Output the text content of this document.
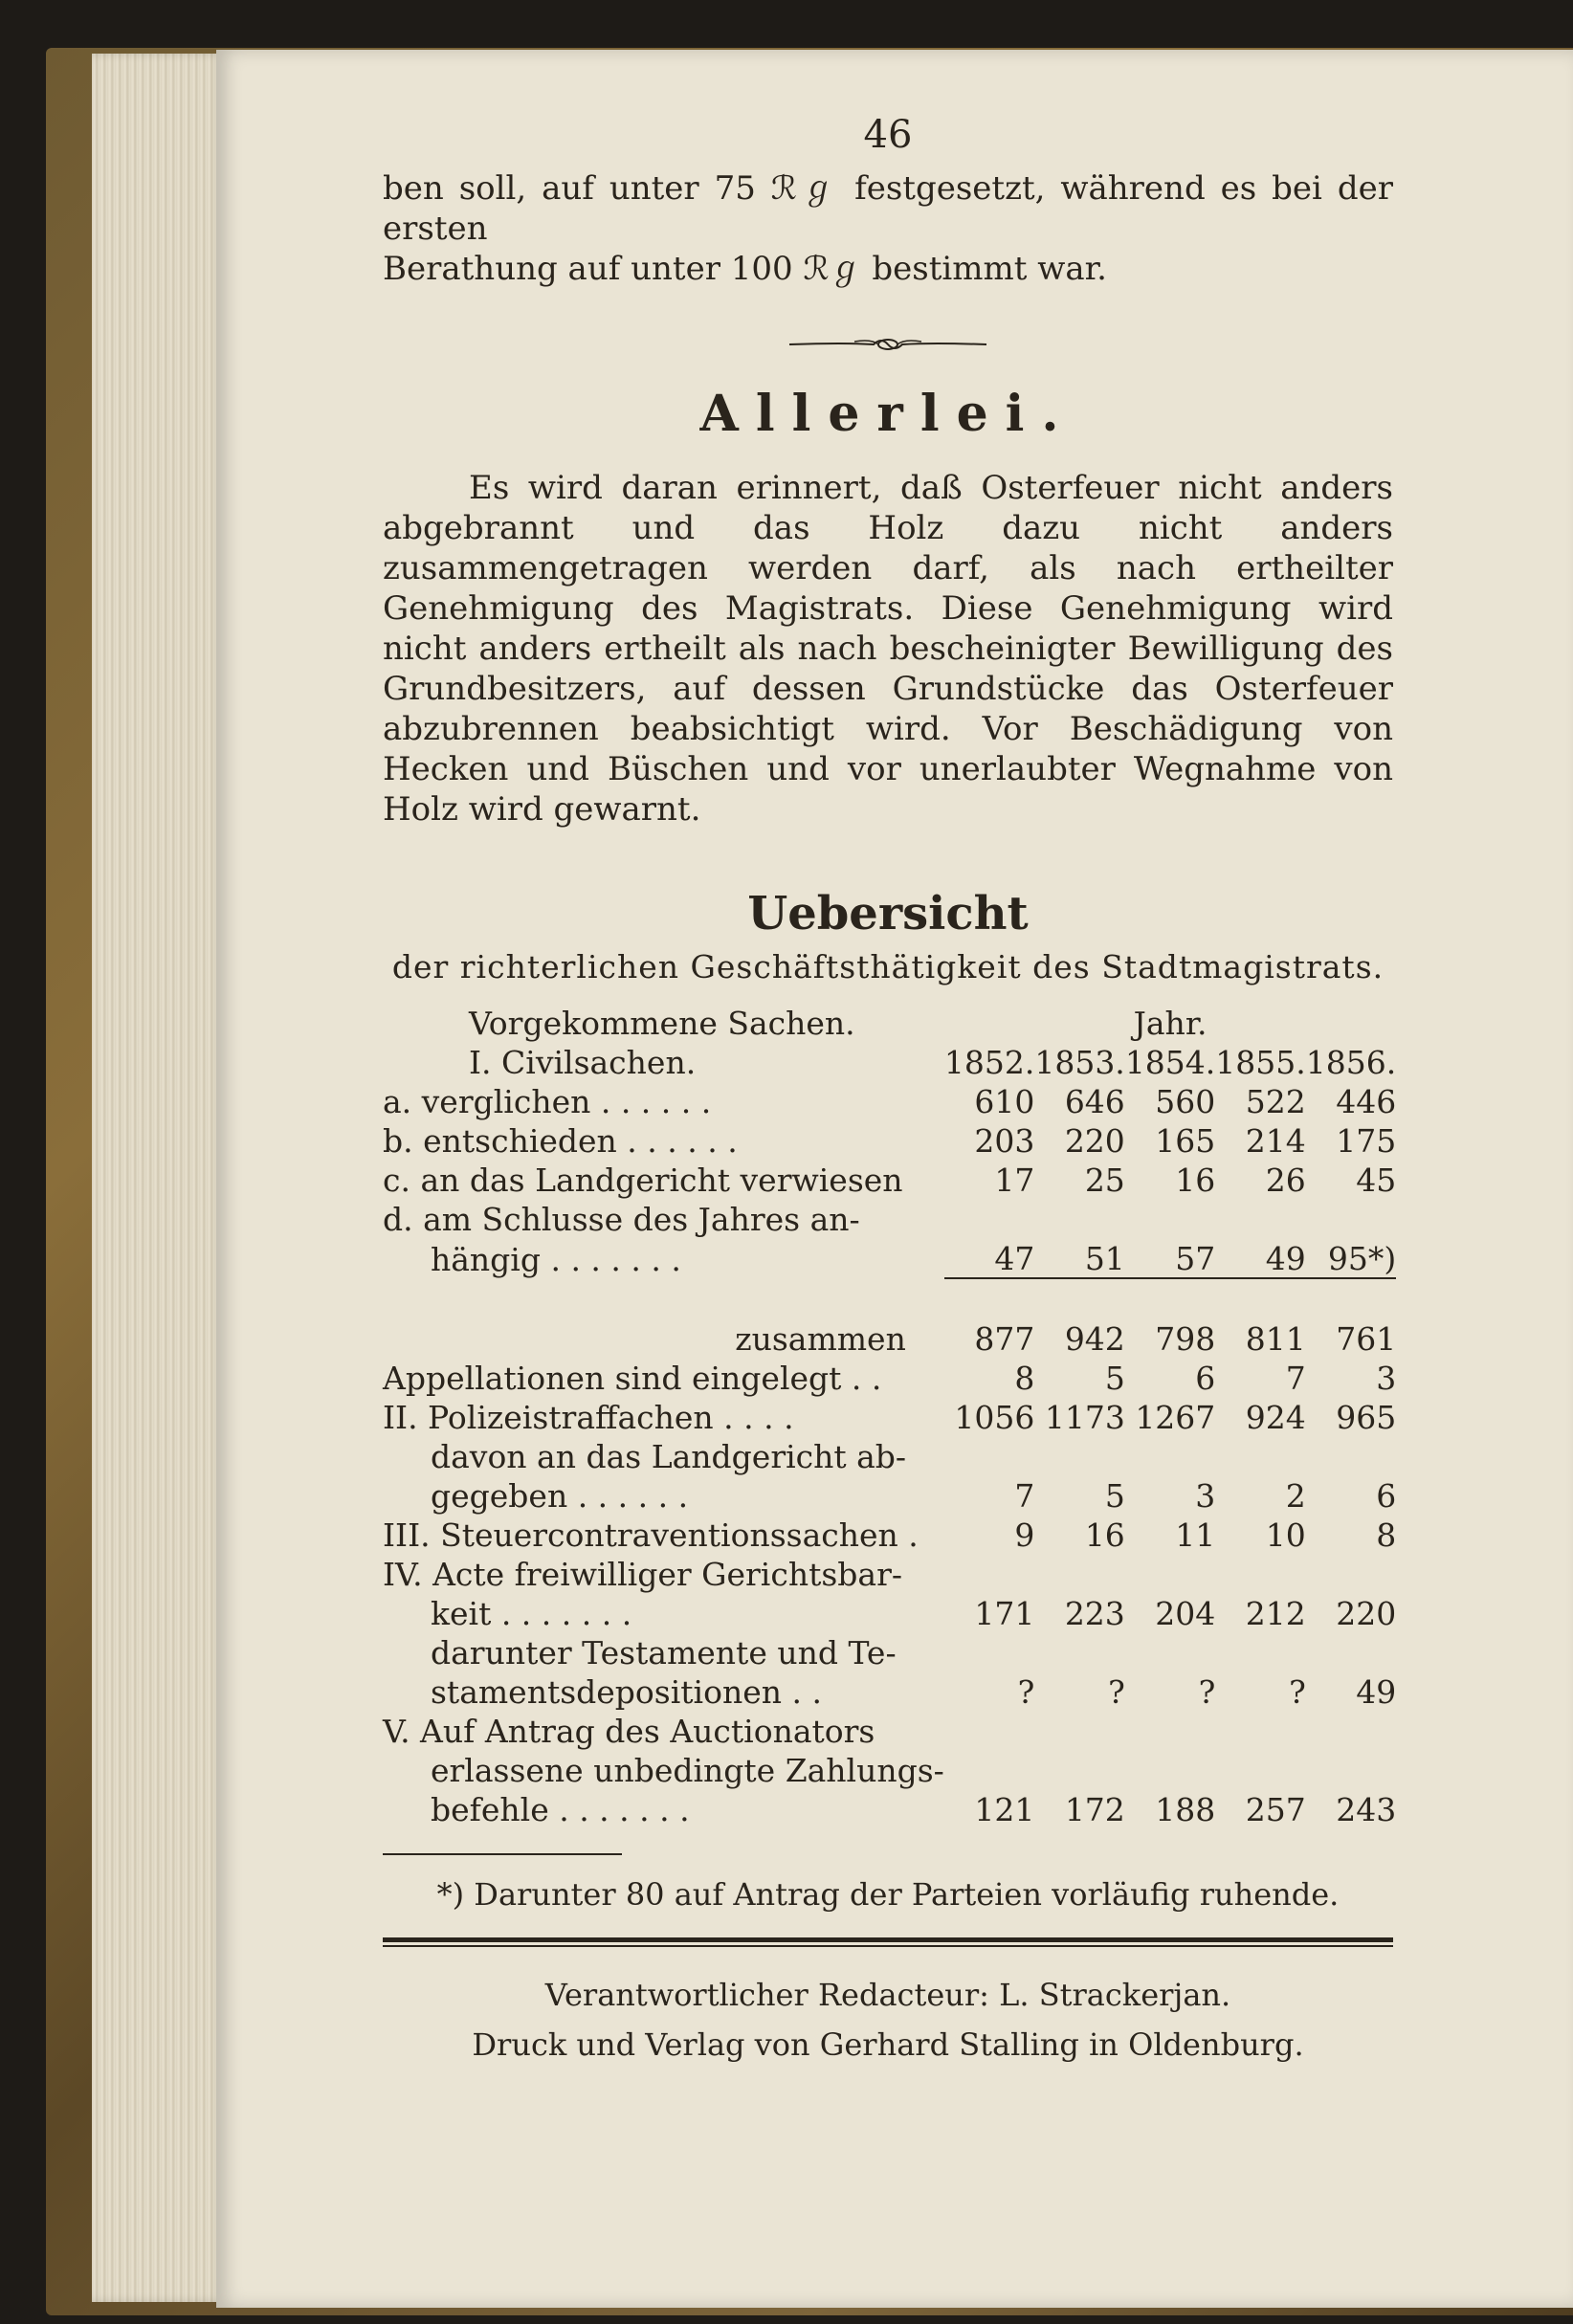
46

ben soll, auf unter 75 ℛℊ festgesetzt, während es bei der ersten

Berathung auf unter 100 ℛℊ bestimmt war.

Allerlei.

Es wird daran erinnert, daß Osterfeuer nicht anders abgebrannt und das Holz dazu nicht anders zusammengetragen werden darf, als nach ertheilter Genehmigung des Magistrats. Diese Genehmigung wird nicht anders ertheilt als nach bescheinigter Bewilligung des Grundbesitzers, auf dessen Grundstücke das Osterfeuer abzubrennen beabsichtigt wird. Vor Beschädigung von Hecken und Büschen und vor unerlaubter Wegnahme von Holz wird gewarnt.

Uebersicht
der richterlichen Geschäftsthätigkeit des Stadtmagistrats.
Vorgekommene Sachen.	Jahr.				
I. Civilsachen.	1852.	1853.	1854.	1855.	1856.
a. verglichen . . . . . .	610	646	560	522	446
b. entschieden . . . . . .	203	220	165	214	175
c. an das Landgericht verwiesen	17	25	16	26	45
d. am Schlusse des Jahres an-					
hängig . . . . . . .	47	51	57	49	95*)

zusammen	877	942	798	811	761
Appellationen sind eingelegt . .	8	5	6	7	3
II. Polizeistraffachen . . . .	1056	1173	1267	924	965
davon an das Landgericht ab-					
gegeben . . . . . .	7	5	3	2	6
III. Steuercontraventionssachen .	9	16	11	10	8
IV. Acte freiwilliger Gerichtsbar-					
keit . . . . . . .	171	223	204	212	220
darunter Testamente und Te-					
stamentsdepositionen . .	?	?	?	?	49
V. Auf Antrag des Auctionators					
erlassene unbedingte Zahlungs-					
befehle . . . . . . .	121	172	188	257	243

*) Darunter 80 auf Antrag der Parteien vorläufig ruhende.

Verantwortlicher Redacteur: L. Strackerjan.

Druck und Verlag von Gerhard Stalling in Oldenburg.
